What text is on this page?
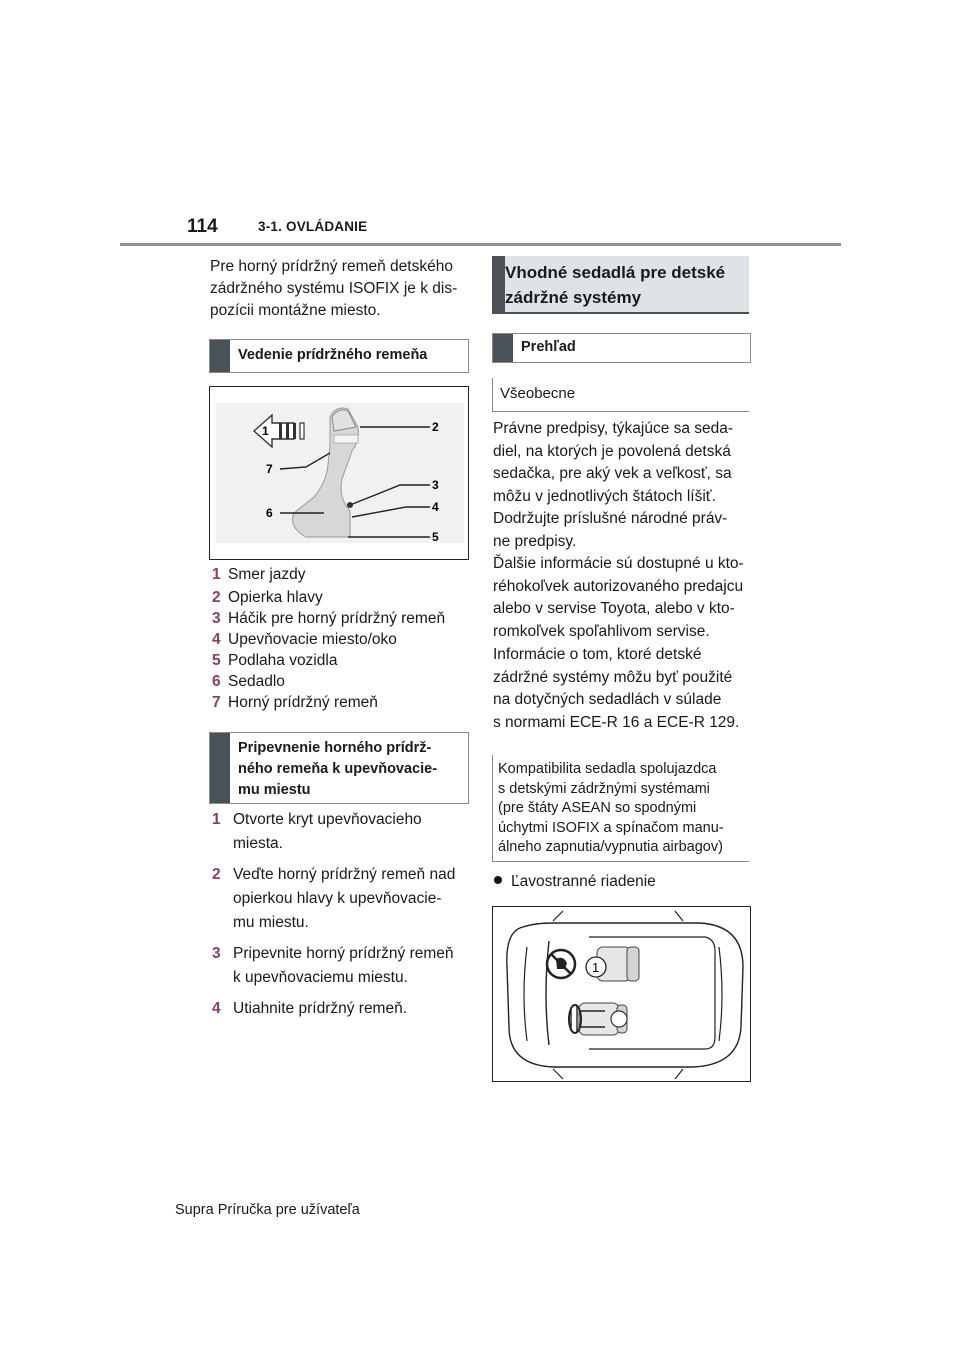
114	3-1. OVLÁDANIE
Pre horný prídržný remeň detského
zádržného systému ISOFIX je k dis-
pozícii montážne miesto.
Vedenie prídržného remeňa
1	2
3
4
5
6
7
1 Smer jazdy
2 Opierka hlavy
3 Háčik pre horný prídržný remeň
4 Upevňovacie miesto/oko
5 Podlaha vozidla
6 Sedadlo
7 Horný prídržný remeň
Pripevnenie horného prídrž-
ného remeňa k upevňovacie-
mu miestu
1 Otvorte kryt upevňovacieho
miesta.
2 Veďte horný prídržný remeň nad
opierkou hlavy k upevňovacie-
mu miestu.
3 Pripevnite horný prídržný remeň
k upevňovaciemu miestu.
4 Utiahnite prídržný remeň.
Vhodné sedadlá pre detské
zádržné systémy
Prehľad
Všeobecne
Právne predpisy, týkajúce sa seda-
diel, na ktorých je povolená detská
sedačka, pre aký vek a veľkosť, sa
môžu v jednotlivých štátoch líšiť.
Dodržujte príslušné národné práv-
ne predpisy.
Ďalšie informácie sú dostupné u kto-
réhokoľvek autorizovaného predajcu
alebo v servise Toyota, alebo v kto-
romkoľvek spoľahlivom servise.
Informácie o tom, ktoré detské
zádržné systémy môžu byť použité
na dotyčných sedadlách v súlade
s normami ECE-R 16 a ECE-R 129.
Kompatibilita sedadla spolujazdca
s detskými zádržnými systémami
(pre štáty ASEAN so spodnými
úchytmi ISOFIX a spínačom manu-
álneho zapnutia/vypnutia airbagov)
Ľavostranné riadenie
1
Supra Príručka pre užívateľa
